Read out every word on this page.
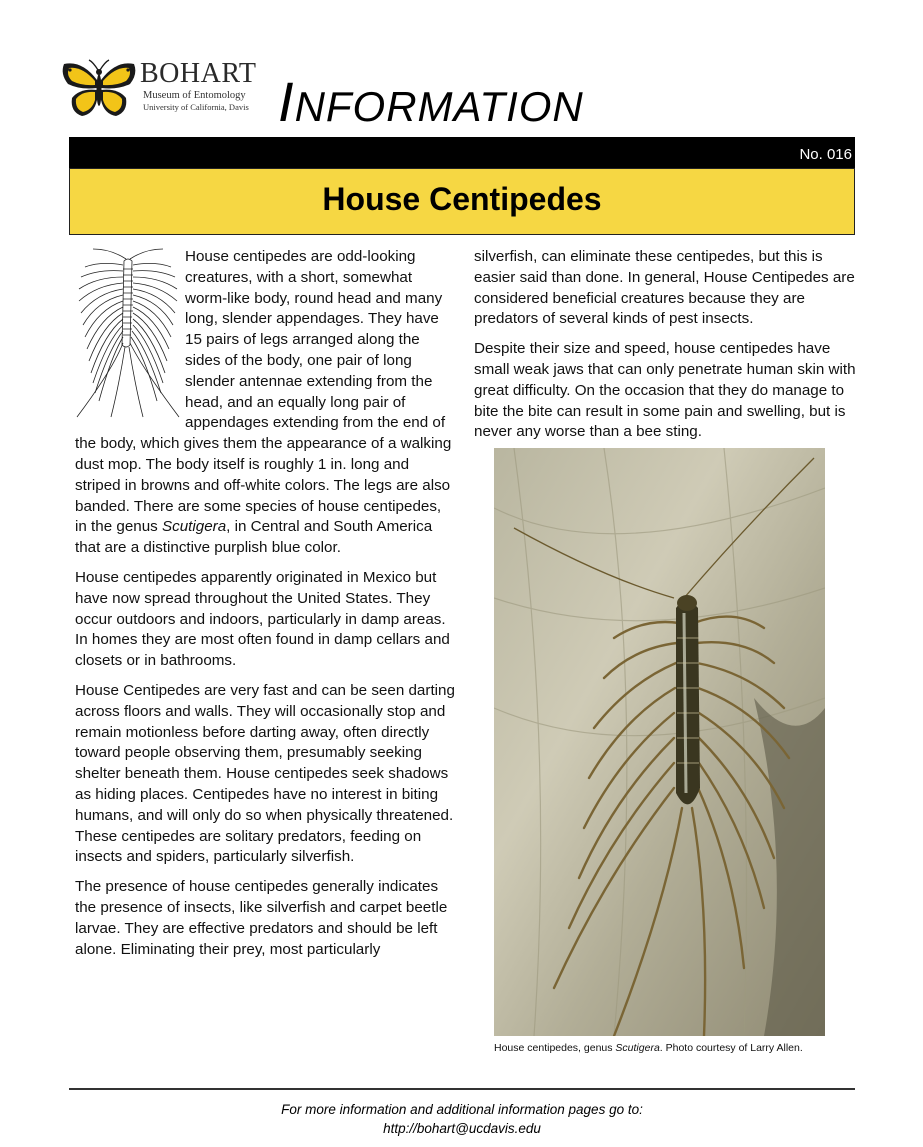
BOHART
Museum of Entomology
University of California, Davis INFORMATION
No. 016
House Centipedes

House centipedes are odd-looking creatures, with a short, somewhat worm-like body, round head and many long, slender appendages. They have 15 pairs of legs arranged along the sides of the body, one pair of long slender antennae extending from the head, and an equally long pair of appendages extending from the end of the body, which gives them the appearance of a walking dust mop. The body itself is roughly 1 in. long and striped in browns and off-white colors. The legs are also banded. There are some species of house centipedes, in the genus Scutigera, in Central and South America that are a distinctive purplish blue color.

House centipedes apparently originated in Mexico but have now spread throughout the United States. They occur outdoors and indoors, particularly in damp areas. In homes they are most often found in damp cellars and closets or in bathrooms.

House Centipedes are very fast and can be seen darting across floors and walls. They will occasionally stop and remain motionless before darting away, often directly toward people observing them, presumably seeking shelter beneath them. House centipedes seek shadows as hiding places. Centipedes have no interest in biting humans, and will only do so when physically threatened. These centipedes are solitary predators, feeding on insects and spiders, particularly silverfish.

The presence of house centipedes generally indicates the presence of insects, like silverfish and carpet beetle larvae. They are effective predators and should be left alone. Eliminating their prey, most particularly

silverfish, can eliminate these centipedes, but this is easier said than done. In general, House Centipedes are considered beneficial creatures because they are predators of several kinds of pest insects.

Despite their size and speed, house centipedes have small weak jaws that can only penetrate human skin with great difficulty. On the occasion that they do manage to bite the bite can result in some pain and swelling, but is never any worse than a bee sting.

House centipedes, genus Scutigera. Photo courtesy of Larry Allen.
For more information and additional information pages go to:
http://bohart@ucdavis.edu
